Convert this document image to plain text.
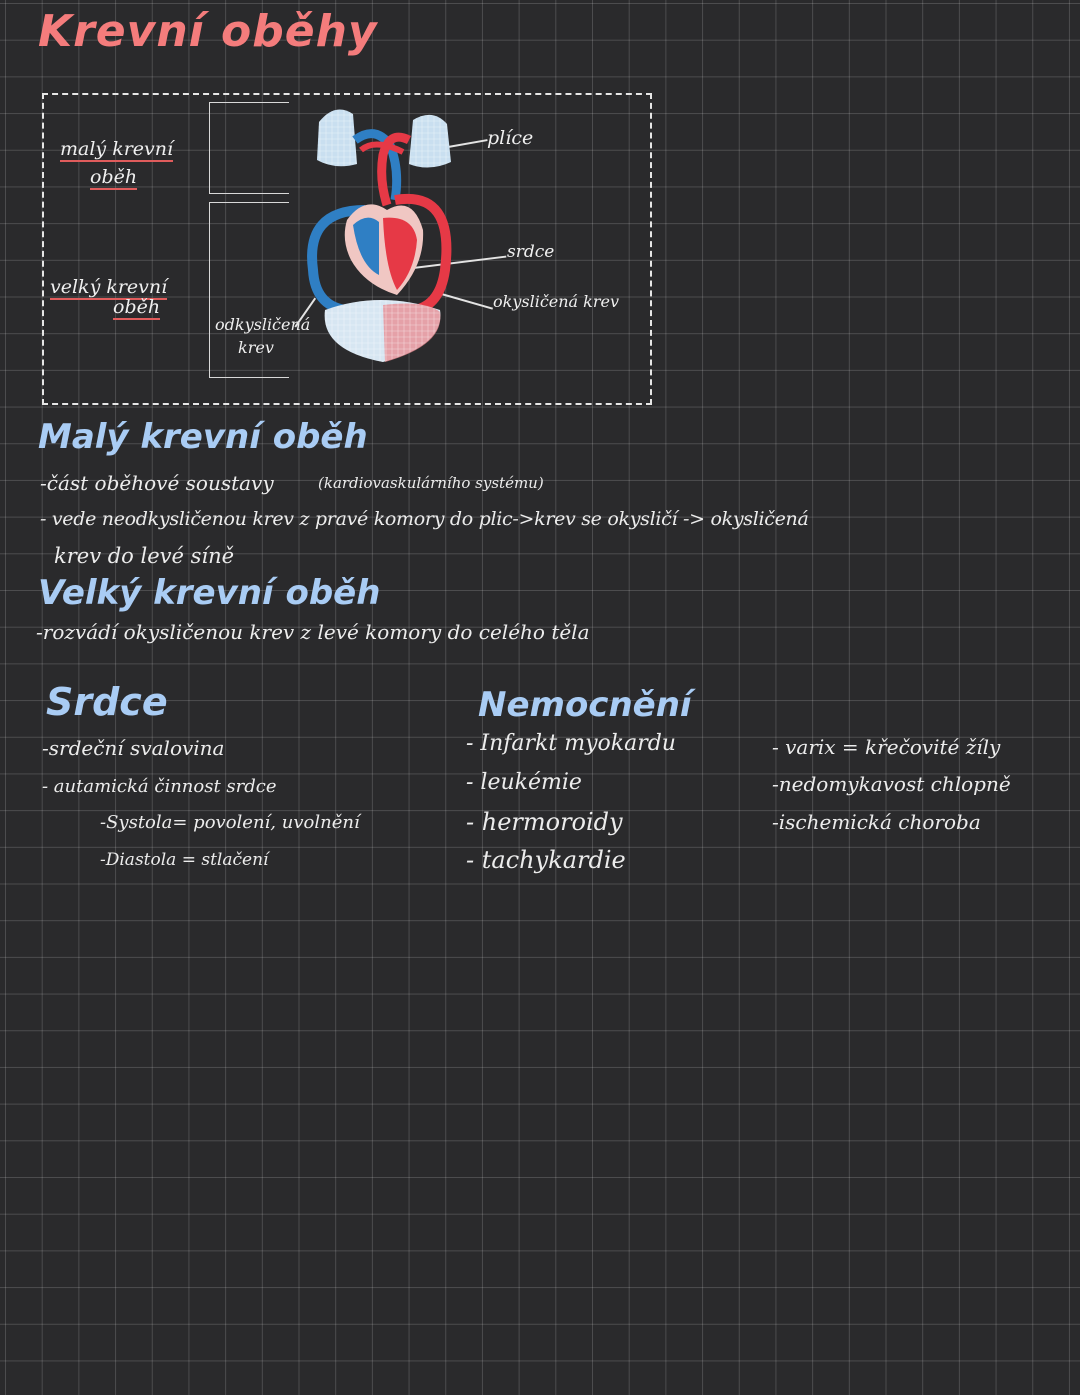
Krevní oběhy
malý krevní
oběh
velký krevní
oběh
odkysličená
krev
plíce
srdce
okysličená krev
Malý krevní oběh
-část oběhové soustavy	(kardiovaskulárního systému)
- vede neodkysličenou krev z pravé komory do plic->krev se okysličí -> okysličená
krev do levé síně
Velký krevní oběh
-rozvádí okysličenou krev z levé komory do celého těla
Srdce
-srdeční svalovina
- autamická činnost srdce
-Systola= povolení, uvolnění
-Diastola = stlačení
Nemocnění
- Infarkt myokardu
- leukémie
- hermoroidy
- tachykardie
- varix = křečovité žíly
-nedomykavost chlopně
-ischemická choroba
